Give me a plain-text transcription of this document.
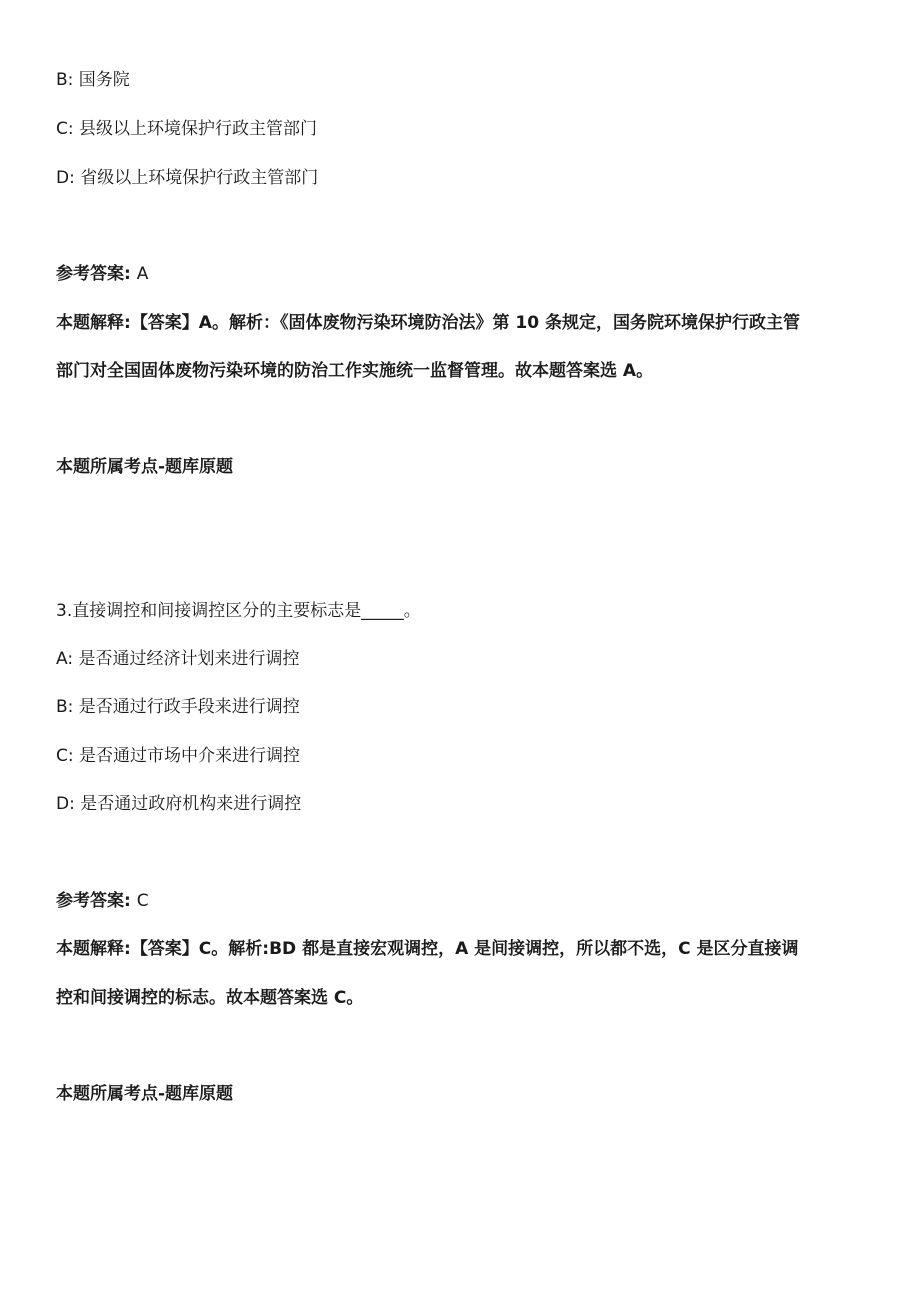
B: 国务院
C: 县级以上环境保护行政主管部门
D: 省级以上环境保护行政主管部门
参考答案: A
本题解释:【答案】A。解析：《固体废物污染环境防治法》第 10 条规定，国务院环境保护行政主管
部门对全国固体废物污染环境的防治工作实施统一监督管理。故本题答案选 A。
本题所属考点-题库原题
3.直接调控和间接调控区分的主要标志是_____。
A: 是否通过经济计划来进行调控
B: 是否通过行政手段来进行调控
C: 是否通过市场中介来进行调控
D: 是否通过政府机构来进行调控
参考答案: C
本题解释:【答案】C。解析:BD 都是直接宏观调控，A 是间接调控，所以都不选，C 是区分直接调
控和间接调控的标志。故本题答案选 C。
本题所属考点-题库原题
